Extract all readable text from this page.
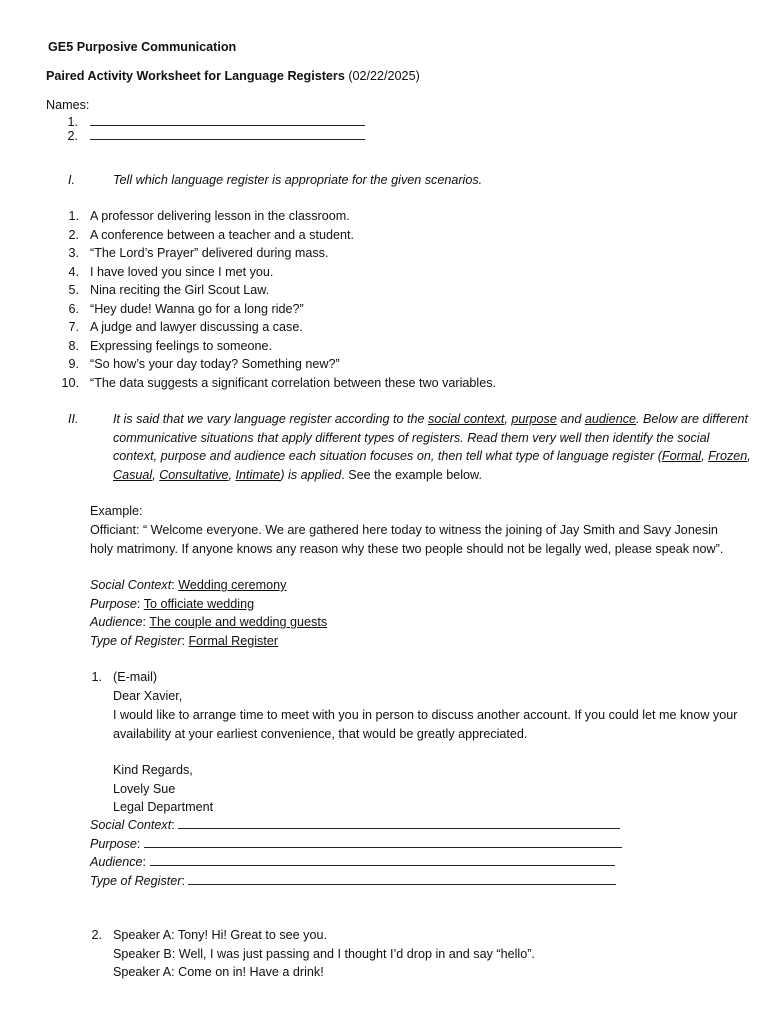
GE5 Purposive Communication
Paired Activity Worksheet for Language Registers (02/22/2025)
Names:
1.
2.
I.	Tell which language register is appropriate for the given scenarios.
1. A professor delivering lesson in the classroom.
2. A conference between a teacher and a student.
3. “The Lord’s Prayer” delivered during mass.
4. I have loved you since I met you.
5. Nina reciting the Girl Scout Law.
6. “Hey dude! Wanna go for a long ride?”
7. A judge and lawyer discussing a case.
8. Expressing feelings to someone.
9. “So how’s your day today? Something new?”
10. “The data suggests a significant correlation between these two variables.
II.	It is said that we vary language register according to the social context, purpose and audience. Below are different communicative situations that apply different types of registers. Read them very well then identify the social context, purpose and audience each situation focuses on, then tell what type of language register (Formal, Frozen, Casual, Consultative, Intimate) is applied. See the example below.
Example:
Officiant: “ Welcome everyone. We are gathered here today to witness the joining of Jay Smith and Savy Jonesin holy matrimony. If anyone knows any reason why these two people should not be legally wed, please speak now”.
Social Context: Wedding ceremony
Purpose: To officiate wedding
Audience: The couple and wedding guests
Type of Register: Formal Register
1. (E-mail)
Dear Xavier,
I would like to arrange time to meet with you in person to discuss another account. If you could let me know your availability at your earliest convenience, that would be greatly appreciated.
Kind Regards,
Lovely Sue
Legal Department
Social Context:
Purpose:
Audience:
Type of Register:
2. Speaker A: Tony! Hi! Great to see you.
Speaker B: Well, I was just passing and I thought I’d drop in and say “hello”.
Speaker A: Come on in! Have a drink!
